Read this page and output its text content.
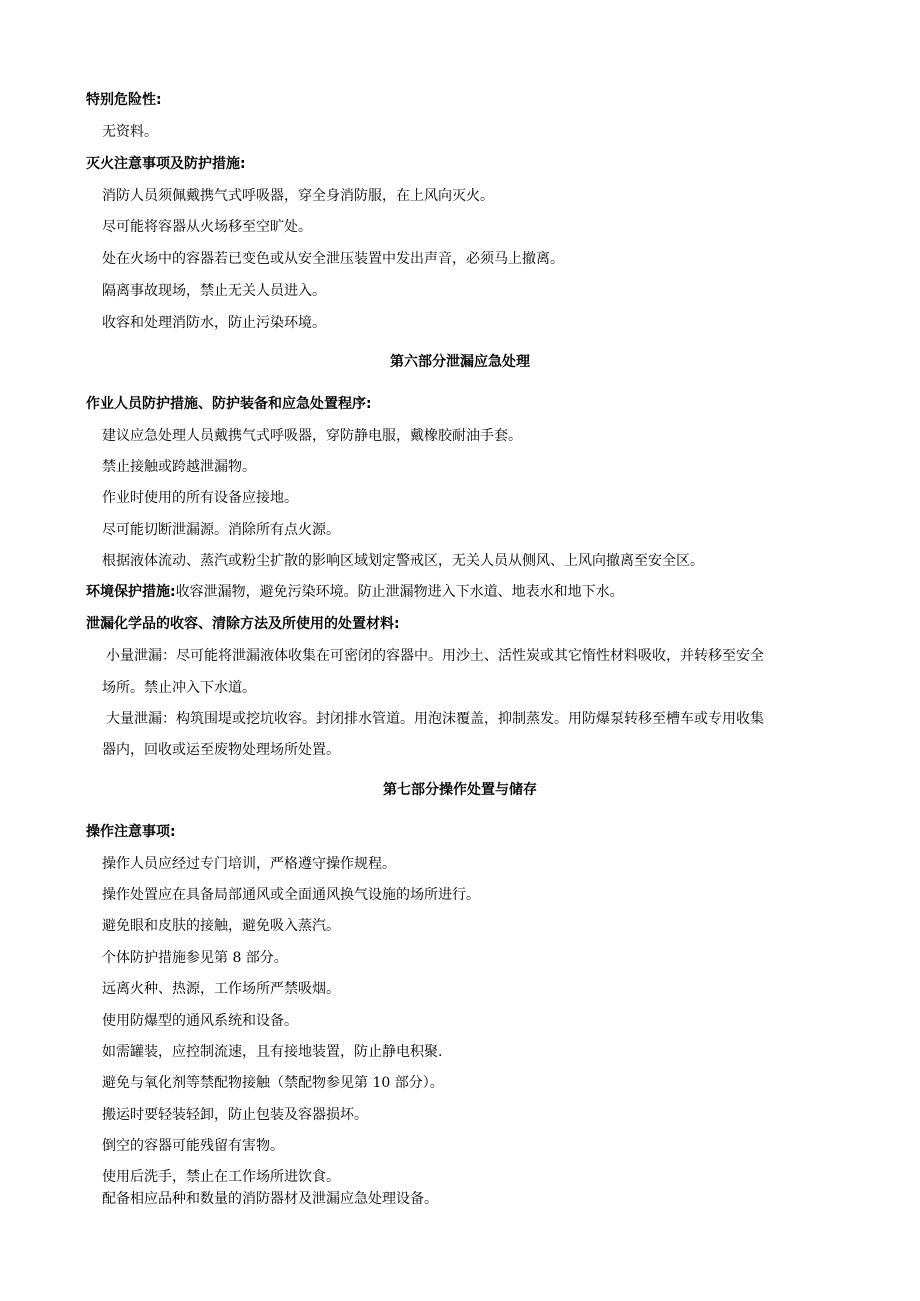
特别危险性:
无资料。
灭火注意事项及防护措施:
消防人员须佩戴携气式呼吸器，穿全身消防服，在上风向灭火。
尽可能将容器从火场移至空旷处。
处在火场中的容器若已变色或从安全泄压装置中发出声音，必须马上撤离。
隔离事故现场，禁止无关人员进入。
收容和处理消防水，防止污染环境。
第六部分泄漏应急处理
作业人员防护措施、防护装备和应急处置程序:
建议应急处理人员戴携气式呼吸器，穿防静电服，戴橡胶耐油手套。
禁止接触或跨越泄漏物。
作业时使用的所有设备应接地。
尽可能切断泄漏源。消除所有点火源。
根据液体流动、蒸汽或粉尘扩散的影响区域划定警戒区，无关人员从侧风、上风向撤离至安全区。
环境保护措施:收容泄漏物，避免污染环境。防止泄漏物进入下水道、地表水和地下水。
泄漏化学品的收容、清除方法及所使用的处置材料:
小量泄漏：尽可能将泄漏液体收集在可密闭的容器中。用沙土、活性炭或其它惰性材料吸收，并转移至安全
场所。禁止冲入下水道。
大量泄漏：构筑围堤或挖坑收容。封闭排水管道。用泡沫覆盖，抑制蒸发。用防爆泵转移至槽车或专用收集
器内，回收或运至废物处理场所处置。
第七部分操作处置与储存
操作注意事项:
操作人员应经过专门培训，严格遵守操作规程。
操作处置应在具备局部通风或全面通风换气设施的场所进行。
避免眼和皮肤的接触，避免吸入蒸汽。
个体防护措施参见第 8 部分。
远离火种、热源，工作场所严禁吸烟。
使用防爆型的通风系统和设备。
如需罐装，应控制流速，且有接地装置，防止静电积聚.
避免与氧化剂等禁配物接触（禁配物参见第 10 部分）。
搬运时要轻装轻卸，防止包装及容器损坏。
倒空的容器可能残留有害物。
使用后洗手，禁止在工作场所进饮食。
配备相应品种和数量的消防器材及泄漏应急处理设备。
